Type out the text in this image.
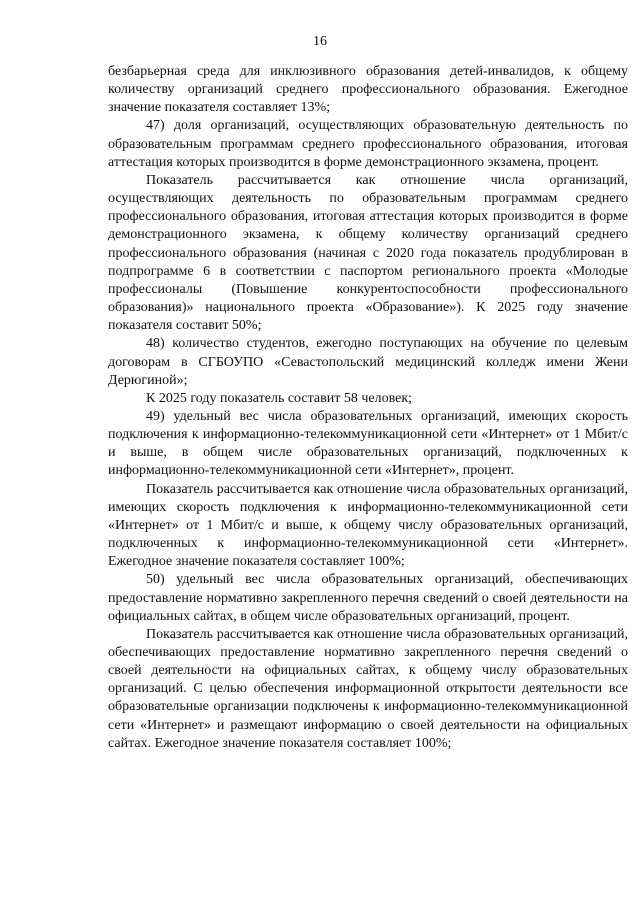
16

безбарьерная среда для инклюзивного образования детей-инвалидов, к общему количеству организаций среднего профессионального образования. Ежегодное значение показателя составляет 13%;

47) доля организаций, осуществляющих образовательную деятельность по образовательным программам среднего профессионального образования, итоговая аттестация которых производится в форме демонстрационного экзамена, процент.

Показатель рассчитывается как отношение числа организаций, осуществляющих деятельность по образовательным программам среднего профессионального образования, итоговая аттестация которых производится в форме демонстрационного экзамена, к общему количеству организаций среднего профессионального образования (начиная с 2020 года показатель продублирован в подпрограмме 6 в соответствии с паспортом регионального проекта «Молодые профессионалы (Повышение конкурентоспособности профессионального образования)» национального проекта «Образование»). К 2025 году значение показателя составит 50%;

48) количество студентов, ежегодно поступающих на обучение по целевым договорам в СГБОУПО «Севастопольский медицинский колледж имени Жени Дерюгиной»;

К 2025 году показатель составит 58 человек;

49) удельный вес числа образовательных организаций, имеющих скорость подключения к информационно-телекоммуникационной сети «Интернет» от 1 Мбит/с и выше, в общем числе образовательных организаций, подключенных к информационно-телекоммуникационной сети «Интернет», процент.

Показатель рассчитывается как отношение числа образовательных организаций, имеющих скорость подключения к информационно-телекоммуникационной сети «Интернет» от 1 Мбит/с и выше, к общему числу образовательных организаций, подключенных к информационно-телекоммуникационной сети «Интернет». Ежегодное значение показателя составляет 100%;

50) удельный вес числа образовательных организаций, обеспечивающих предоставление нормативно закрепленного перечня сведений о своей деятельности на официальных сайтах, в общем числе образовательных организаций, процент.

Показатель рассчитывается как отношение числа образовательных организаций, обеспечивающих предоставление нормативно закрепленного перечня сведений о своей деятельности на официальных сайтах, к общему числу образовательных организаций. С целью обеспечения информационной открытости деятельности все образовательные организации подключены к информационно-телекоммуникационной сети «Интернет» и размещают информацию о своей деятельности на официальных сайтах. Ежегодное значение показателя составляет 100%;
